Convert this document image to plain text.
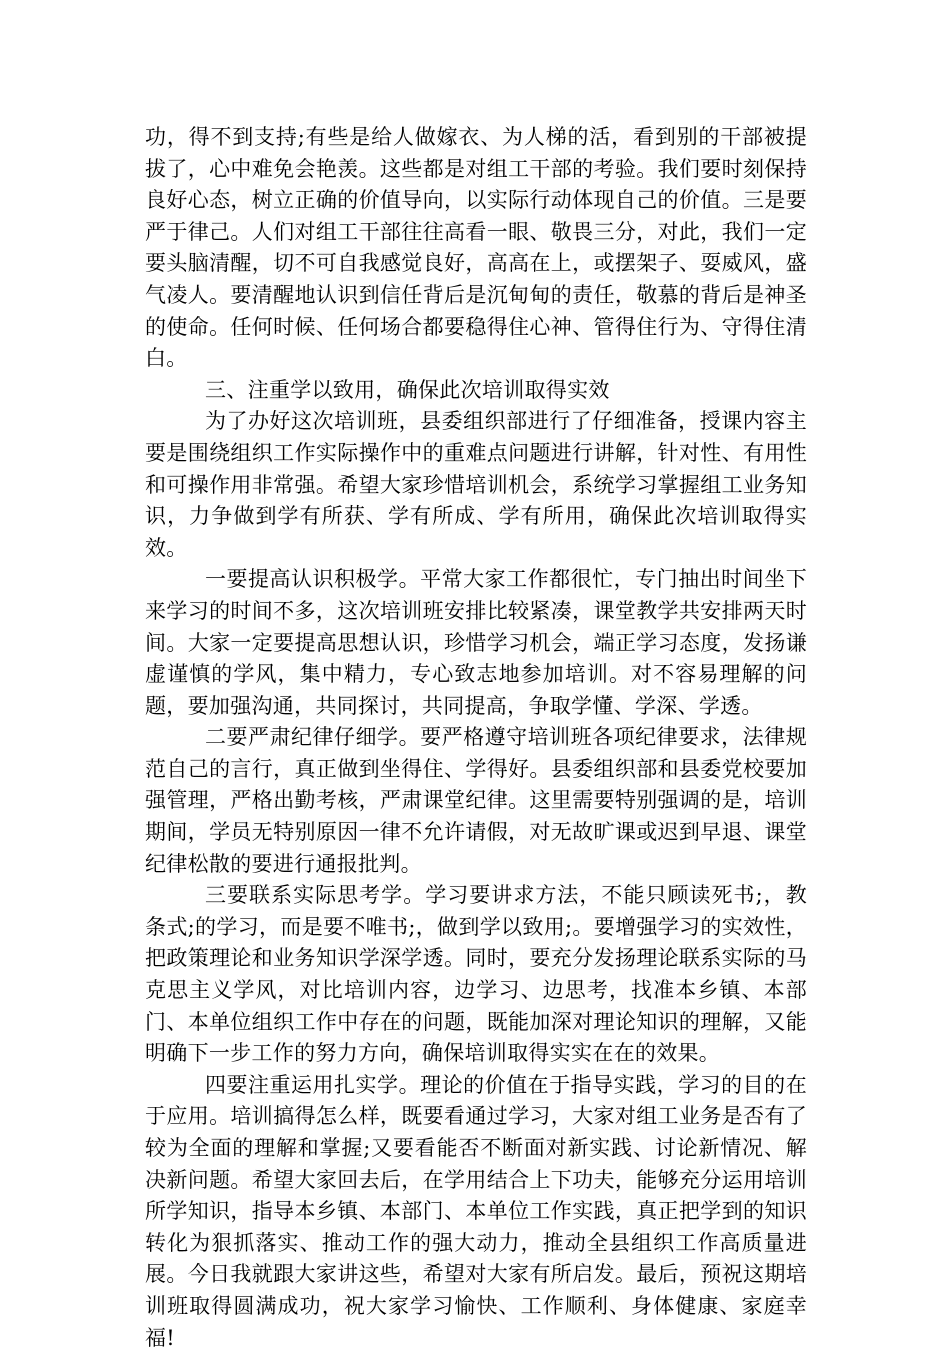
功，得不到支持;有些是给人做嫁衣、为人梯的活，看到别的干部被提拔了，心中难免会艳羡。这些都是对组工干部的考验。我们要时刻保持良好心态，树立正确的价值导向，以实际行动体现自己的价值。三是要严于律己。人们对组工干部往往高看一眼、敬畏三分，对此，我们一定要头脑清醒，切不可自我感觉良好，高高在上，或摆架子、耍威风，盛气凌人。要清醒地认识到信任背后是沉甸甸的责任，敬慕的背后是神圣的使命。任何时候、任何场合都要稳得住心神、管得住行为、守得住清白。

三、注重学以致用，确保此次培训取得实效

为了办好这次培训班，县委组织部进行了仔细准备，授课内容主要是围绕组织工作实际操作中的重难点问题进行讲解，针对性、有用性和可操作用非常强。希望大家珍惜培训机会，系统学习掌握组工业务知识，力争做到学有所获、学有所成、学有所用，确保此次培训取得实效。

一要提高认识积极学。平常大家工作都很忙，专门抽出时间坐下来学习的时间不多，这次培训班安排比较紧凑，课堂教学共安排两天时间。大家一定要提高思想认识，珍惜学习机会，端正学习态度，发扬谦虚谨慎的学风，集中精力，专心致志地参加培训。对不容易理解的问题，要加强沟通，共同探讨，共同提高，争取学懂、学深、学透。

二要严肃纪律仔细学。要严格遵守培训班各项纪律要求，法律规范自己的言行，真正做到坐得住、学得好。县委组织部和县委党校要加强管理，严格出勤考核，严肃课堂纪律。这里需要特别强调的是，培训期间，学员无特别原因一律不允许请假，对无故旷课或迟到早退、课堂纪律松散的要进行通报批判。

三要联系实际思考学。学习要讲求方法，不能只顾读死书;，教条式;的学习，而是要不唯书;，做到学以致用;。要增强学习的实效性，把政策理论和业务知识学深学透。同时，要充分发扬理论联系实际的马克思主义学风，对比培训内容，边学习、边思考，找准本乡镇、本部门、本单位组织工作中存在的问题，既能加深对理论知识的理解，又能明确下一步工作的努力方向，确保培训取得实实在在的效果。

四要注重运用扎实学。理论的价值在于指导实践，学习的目的在于应用。培训搞得怎么样，既要看通过学习，大家对组工业务是否有了较为全面的理解和掌握;又要看能否不断面对新实践、讨论新情况、解决新问题。希望大家回去后，在学用结合上下功夫，能够充分运用培训所学知识，指导本乡镇、本部门、本单位工作实践，真正把学到的知识转化为狠抓落实、推动工作的强大动力，推动全县组织工作高质量进展。今日我就跟大家讲这些，希望对大家有所启发。最后，预祝这期培训班取得圆满成功，祝大家学习愉快、工作顺利、身体健康、家庭幸福!
